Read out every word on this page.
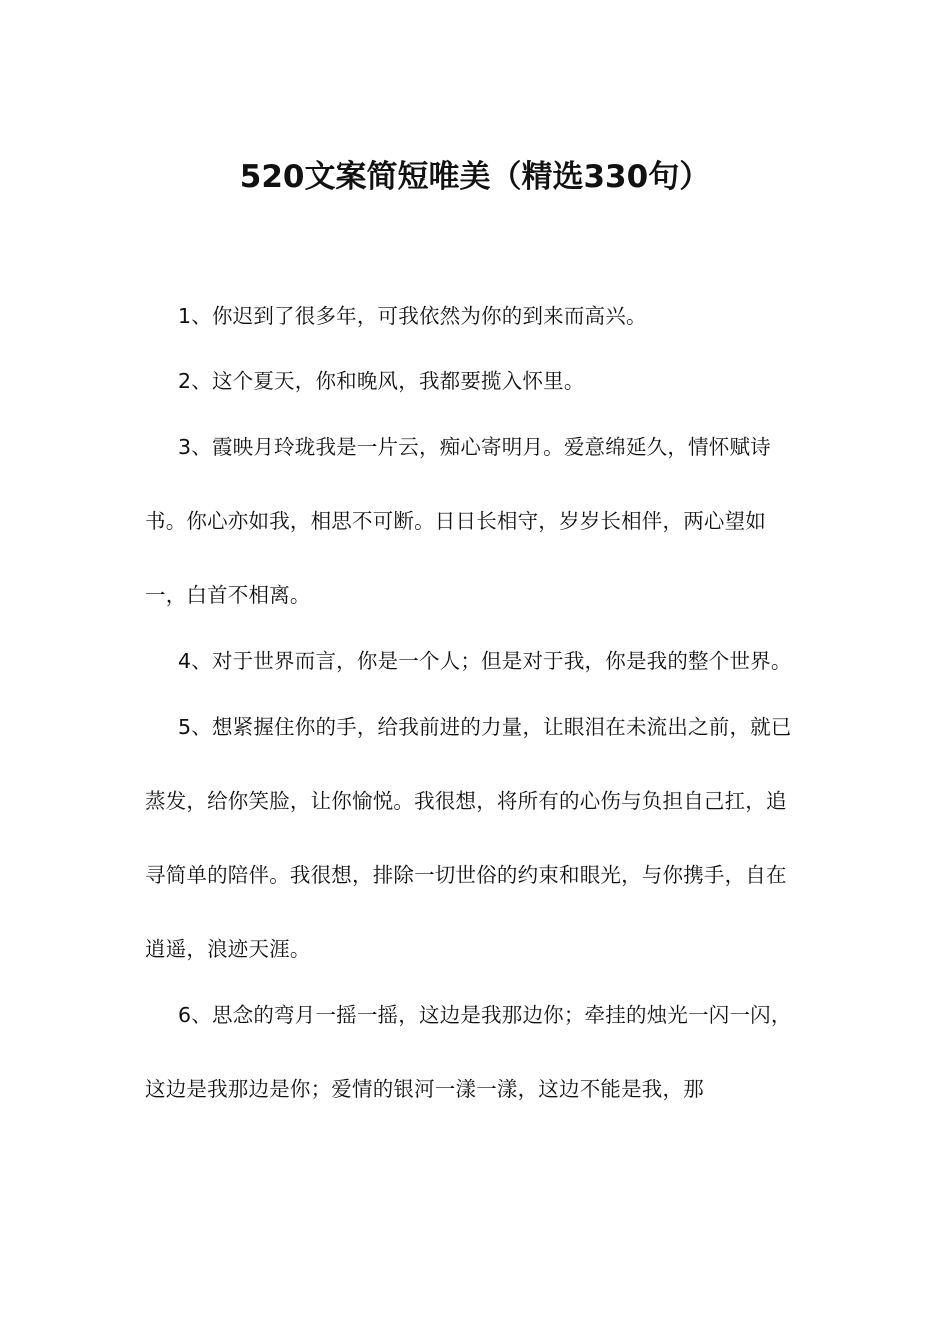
520文案简短唯美（精选330句）

1、你迟到了很多年，可我依然为你的到来而高兴。

2、这个夏天，你和晚风，我都要揽入怀里。

3、霞映月玲珑我是一片云，痴心寄明月。爱意绵延久，情怀赋诗书。你心亦如我，相思不可断。日日长相守，岁岁长相伴，两心望如一，白首不相离。

4、对于世界而言，你是一个人；但是对于我，你是我的整个世界。

5、想紧握住你的手，给我前进的力量，让眼泪在未流出之前，就已蒸发，给你笑脸，让你愉悦。我很想，将所有的心伤与负担自己扛，追寻简单的陪伴。我很想，排除一切世俗的约束和眼光，与你携手，自在逍遥，浪迹天涯。

6、思念的弯月一摇一摇，这边是我那边你；牵挂的烛光一闪一闪，这边是我那边是你；爱情的银河一漾一漾，这边不能是我，那
